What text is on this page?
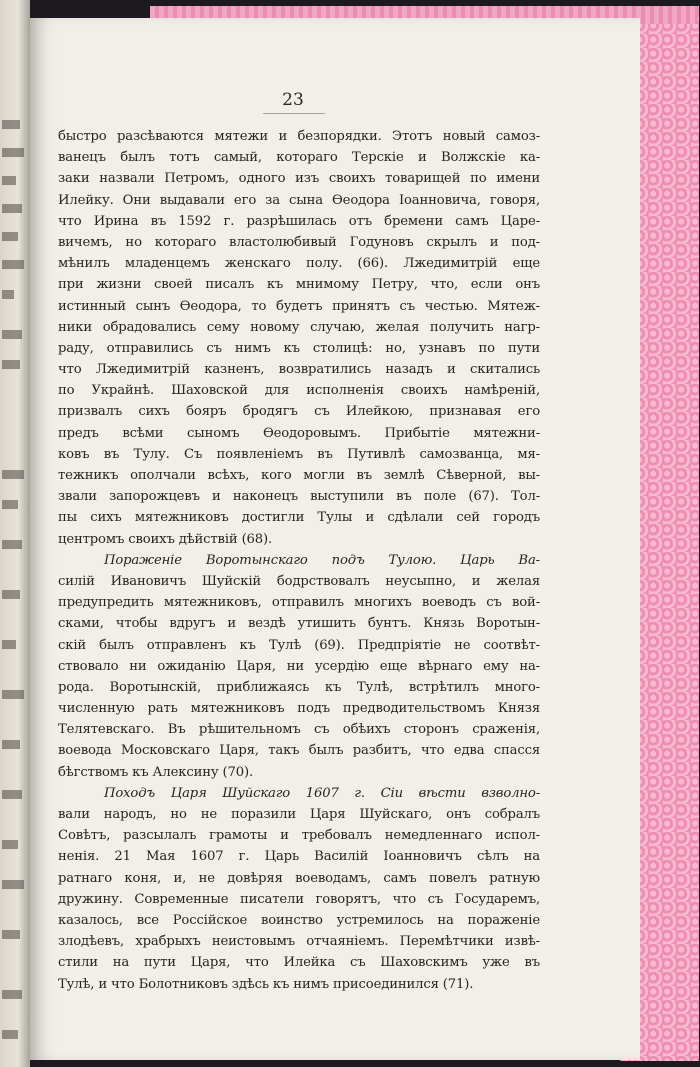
23
быстро разсѣваются мятежи и безпорядки. Этотъ новый самоз-
ванецъ былъ тотъ самый, котораго Терскіе и Волжскіе ка-
заки назвали Петромъ, одного изъ своихъ товарищей по имени
Илейку. Они выдавали его за сына Ѳеодора Іоанновича, говоря,
что Ирина въ 1592 г. разрѣшилась отъ бремени самъ Царе-
вичемъ, но котораго властолюбивый Годуновъ скрылъ и под-
мѣнилъ младенцемъ женскаго полу. (66). Лжедимитрій еще
при жизни своей писалъ къ мнимому Петру, что, если онъ
истинный сынъ Ѳеодора, то будетъ принятъ съ честью. Мятеж-
ники обрадовались сему новому случаю, желая получить нагр-
раду, отправились съ нимъ къ столицѣ: но, узнавъ по пути
что Лжедимитрій казненъ, возвратились назадъ и скитались
по Украйнѣ. Шаховской для исполненія своихъ намѣреній,
призвалъ сихъ бояръ бродягъ съ Илейкою, признавая его
предъ всѣми сыномъ Ѳеодоровымъ. Прибытіе мятежни-
ковъ въ Тулу. Съ появленіемъ въ Путивлѣ самозванца, мя-
тежникъ ополчали всѣхъ, кого могли въ землѣ Сѣверной, вы-
звали запорожцевъ и наконецъ выступили въ поле (67). Тол-
пы сихъ мятежниковъ достигли Тулы и сдѣлали сей городъ
центромъ своихъ дѣйствій (68).
Пораженіе Воротынскаго подъ Тулою. Царь Ва-
силій Ивановичъ Шуйскій бодрствовалъ неусыпно, и желая
предупредить мятежниковъ, отправилъ многихъ воеводъ съ вой-
сками, чтобы вдругъ и вездѣ утишить бунтъ. Князь Воротын-
скій былъ отправленъ къ Тулѣ (69). Предпріятіе не соотвѣт-
ствовало ни ожиданію Царя, ни усердію еще вѣрнаго ему на-
рода. Воротынскій, приближаясь къ Тулѣ, встрѣтилъ много-
численную рать мятежниковъ подъ предводительствомъ Князя
Телятевскаго. Въ рѣшительномъ съ обѣихъ сторонъ сраженія,
воевода Московскаго Царя, такъ былъ разбитъ, что едва спасся
бѣгствомъ къ Алексину (70).
Походъ Царя Шуйскаго 1607 г. Сіи вѣсти взволно-
вали народъ, но не поразили Царя Шуйскаго, онъ собралъ
Совѣтъ, разсылалъ грамоты и требовалъ немедленнаго испол-
ненія. 21 Мая 1607 г. Царь Василій Іоанновичъ сѣлъ на
ратнаго коня, и, не довѣряя воеводамъ, самъ повелъ ратную
дружину. Современные писатели говорятъ, что съ Государемъ,
казалось, все Россійское воинство устремилось на пораженіе
злодѣевъ, храбрыхъ неистовымъ отчаяніемъ. Перемѣтчики извѣ-
стили на пути Царя, что Илейка съ Шаховскимъ уже въ
Тулѣ, и что Болотниковъ здѣсь къ нимъ присоединился (71).
